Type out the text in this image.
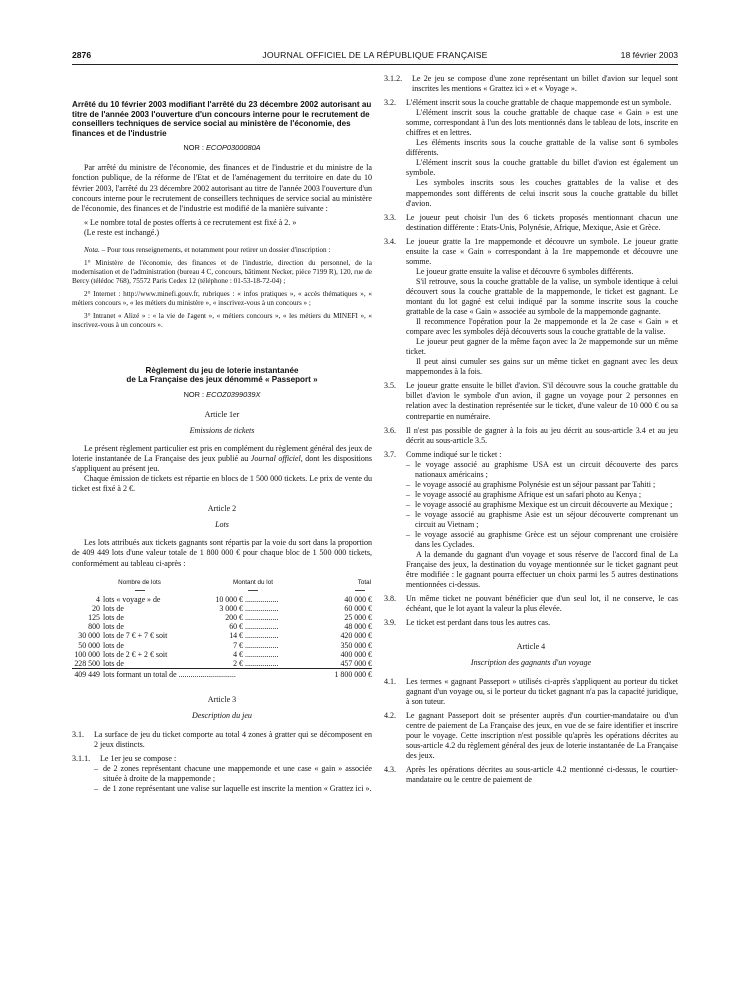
2876	JOURNAL OFFICIEL DE LA RÉPUBLIQUE FRANÇAISE	18 février 2003

Arrêté du 10 février 2003 modifiant l'arrêté du 23 décembre 2002 autorisant au titre de l'année 2003 l'ouverture d'un concours interne pour le recrutement de conseillers techniques de service social au ministère de l'économie, des finances et de l'industrie

NOR : ECOP0300080A

Par arrêté du ministre de l'économie, des finances et de l'industrie et du ministre de la fonction publique, de la réforme de l'Etat et de l'aménagement du territoire en date du 10 février 2003, l'arrêté du 23 décembre 2002 autorisant au titre de l'année 2003 l'ouverture d'un concours interne pour le recrutement de conseillers techniques de service social au ministère de l'économie, des finances et de l'industrie est modifié de la manière suivante :

« Le nombre total de postes offerts à ce recrutement est fixé à 2. »

(Le reste est inchangé.)

Nota. – Pour tous renseignements, et notamment pour retirer un dossier d'inscription :

1° Ministère de l'économie, des finances et de l'industrie, direction du personnel, de la modernisation et de l'administration (bureau 4 C, concours, bâtiment Necker, pièce 7199 R), 120, rue de Bercy (télédoc 768), 75572 Paris Cedex 12 (téléphone : 01-53-18-72-04) ;

2° Internet : http://www.minefi.gouv.fr, rubriques : « infos pratiques », « accès thématiques », « métiers concours », « les métiers du ministère », « inscrivez-vous à un concours » ;

3° Intranet « Alizé » : « la vie de l'agent », « métiers concours », « les métiers du MINEFI », « inscrivez-vous à un concours ».

Règlement du jeu de loterie instantanée
de La Française des jeux dénommé « Passeport »

NOR : ECOZ0399039X

Article 1er

Emissions de tickets

Le présent règlement particulier est pris en complément du règlement général des jeux de loterie instantanée de La Française des jeux publié au Journal officiel, dont les dispositions s'appliquent au présent jeu.

Chaque émission de tickets est répartie en blocs de 1 500 000 tickets. Le prix de vente du ticket est fixé à 2 €.

Article 2

Lots

Les lots attribués aux tickets gagnants sont répartis par la voie du sort dans la proportion de 409 449 lots d'une valeur totale de 1 800 000 € pour chaque bloc de 1 500 000 tickets, conformément au tableau ci-après :

Nombre de lots		Montant du lot	Total

4	lots « voyage » de	10 000 € .................	40 000 €
20	lots de	3 000 € .................	60 000 €
125	lots de	200 € .................	25 000 €
800	lots de	60 € .................	48 000 €
30 000	lots de 7 € + 7 € soit	14 € .................	420 000 €
50 000	lots de	7 € .................	350 000 €
100 000	lots de 2 € + 2 € soit	4 € .................	400 000 €
228 500	lots de	2 € .................	457 000 €
409 449	lots formant un total de .............................		1 800 000 €

Article 3

Description du jeu

3.1.	La surface de jeu du ticket comporte au total 4 zones à gratter qui se décomposent en 2 jeux distincts.
3.1.1.	Le 1er jeu se compose :
– de 2 zones représentant chacune une mappemonde et une case « gain » associée située à droite de la mappemonde ;
– de 1 zone représentant une valise sur laquelle est inscrite la mention « Grattez ici ».
3.1.2.	Le 2e jeu se compose d'une zone représentant un billet d'avion sur lequel sont inscrites les mentions « Grattez ici » et « Voyage ».
3.2.	L'élément inscrit sous la couche grattable de chaque mappemonde est un symbole.

L'élément inscrit sous la couche grattable de chaque case « Gain » est une somme, correspondant à l'un des lots mentionnés dans le tableau de lots, inscrite en chiffres et en lettres.

Les éléments inscrits sous la couche grattable de la valise sont 6 symboles différents.

L'élément inscrit sous la couche grattable du billet d'avion est également un symbole.

Les symboles inscrits sous les couches grattables de la valise et des mappemondes sont différents de celui inscrit sous la couche grattable du billet d'avion.

3.3.	Le joueur peut choisir l'un des 6 tickets proposés mentionnant chacun une destination différente : Etats-Unis, Polynésie, Afrique, Mexique, Asie et Grèce.
3.4.	Le joueur gratte la 1re mappemonde et découvre un symbole. Le joueur gratte ensuite la case « Gain » correspondant à la 1re mappemonde et découvre une somme.

Le joueur gratte ensuite la valise et découvre 6 symboles différents.

S'il retrouve, sous la couche grattable de la valise, un symbole identique à celui découvert sous la couche grattable de la mappemonde, le ticket est gagnant. Le montant du lot gagné est celui indiqué par la somme inscrite sous la couche grattable de la case « Gain » associée au symbole de la mappemonde gagnante.

Il recommence l'opération pour la 2e mappemonde et la 2e case « Gain » et compare avec les symboles déjà découverts sous la couche grattable de la valise.

Le joueur peut gagner de la même façon avec la 2e mappemonde sur un même ticket.

Il peut ainsi cumuler ses gains sur un même ticket en gagnant avec les deux mappemondes à la fois.

3.5.	Le joueur gratte ensuite le billet d'avion. S'il découvre sous la couche grattable du billet d'avion le symbole d'un avion, il gagne un voyage pour 2 personnes en relation avec la destination représentée sur le ticket, d'une valeur de 10 000 € ou sa contrepartie en numéraire.
3.6.	Il n'est pas possible de gagner à la fois au jeu décrit au sous-article 3.4 et au jeu décrit au sous-article 3.5.
3.7.	Comme indiqué sur le ticket :
– le voyage associé au graphisme USA est un circuit découverte des parcs nationaux américains ;
– le voyage associé au graphisme Polynésie est un séjour passant par Tahiti ;
– le voyage associé au graphisme Afrique est un safari photo au Kenya ;
– le voyage associé au graphisme Mexique est un circuit découverte au Mexique ;
– le voyage associé au graphisme Asie est un séjour découverte comprenant un circuit au Vietnam ;
– le voyage associé au graphisme Grèce est un séjour comprenant une croisière dans les Cyclades.

A la demande du gagnant d'un voyage et sous réserve de l'accord final de La Française des jeux, la destination du voyage mentionnée sur le ticket gagnant peut être modifiée : le gagnant pourra effectuer un choix parmi les 5 autres destinations mentionnées ci-dessus.

3.8.	Un même ticket ne pouvant bénéficier que d'un seul lot, il ne conserve, le cas échéant, que le lot ayant la valeur la plus élevée.
3.9.	Le ticket est perdant dans tous les autres cas.

Article 4

Inscription des gagnants d'un voyage

4.1.	Les termes « gagnant Passeport » utilisés ci-après s'appliquent au porteur du ticket gagnant d'un voyage ou, si le porteur du ticket gagnant n'a pas la capacité juridique, à son tuteur.
4.2.	Le gagnant Passeport doit se présenter auprès d'un courtier-mandataire ou d'un centre de paiement de La Française des jeux, en vue de se faire identifier et inscrire pour le voyage. Cette inscription n'est possible qu'après les opérations décrites au sous-article 4.2 du règlement général des jeux de loterie instantanée de La Française des jeux.
4.3.	Après les opérations décrites au sous-article 4.2 mentionné ci-dessus, le courtier-mandataire ou le centre de paiement de
